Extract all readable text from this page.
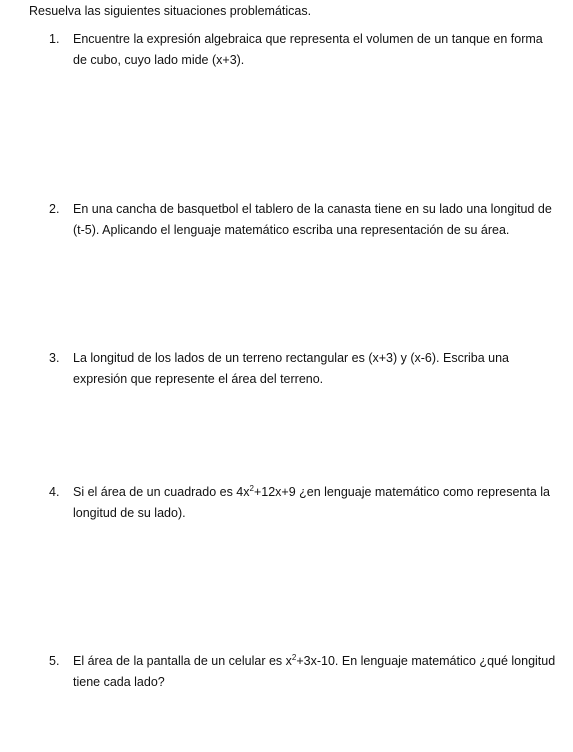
Resuelva las siguientes situaciones problemáticas.
1.	Encuentre la expresión algebraica que representa el volumen de un tanque en forma de cubo, cuyo lado mide (x+3).
2.	En una cancha de basquetbol el tablero de la canasta tiene en su lado una longitud de (t-5). Aplicando el lenguaje matemático escriba una representación de su área.
3.	La longitud de los lados de un terreno rectangular es (x+3) y (x-6). Escriba una expresión que represente el área del terreno.
4.	Si el área de un cuadrado es $4x^2+12x+9$ ¿en lenguaje matemático como representa la longitud de su lado).
5.	El área de la pantalla de un celular es $x^2+3x-10$. En lenguaje matemático ¿qué longitud tiene cada lado?
